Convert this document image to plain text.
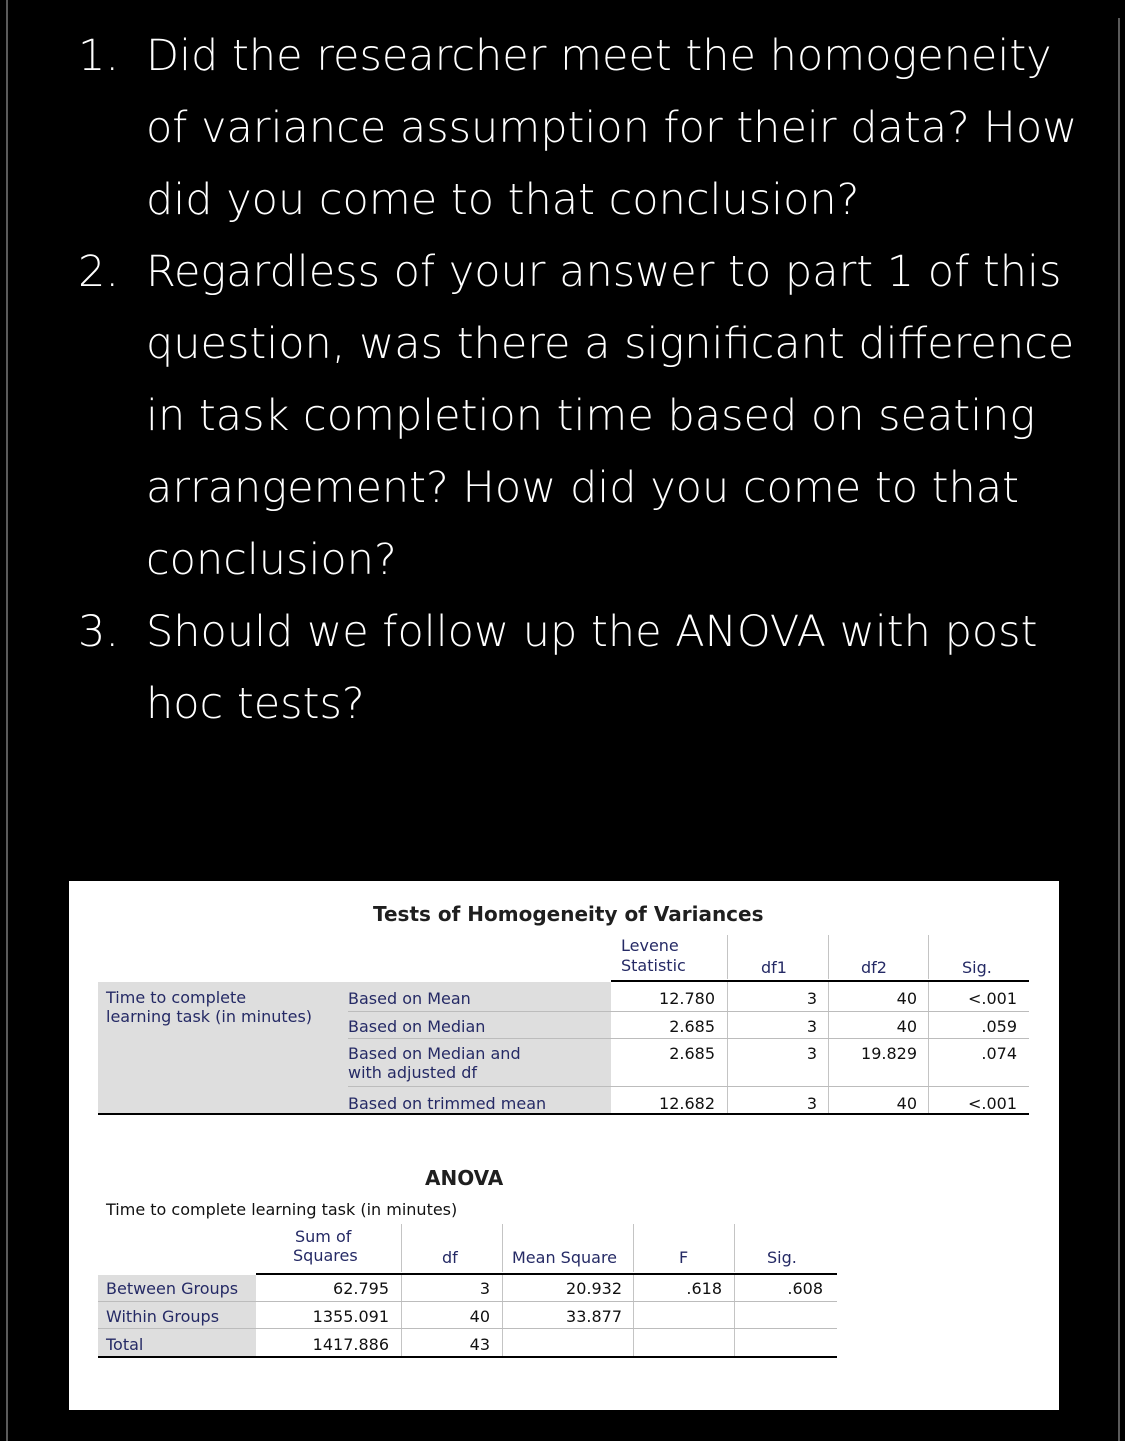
1. Did the researcher meet the homogeneity
of variance assumption for their data? How
did you come to that conclusion?
2. Regardless of your answer to part 1 of this
question, was there a significant difference
in task completion time based on seating
arrangement? How did you come to that
conclusion?
3. Should we follow up the ANOVA with post
hoc tests?
Tests of Homogeneity of Variances
Levene
Statistic	df1	df2	Sig.
Time to complete
learning task (in minutes)
Based on Mean	12.780	3	40	<.001
Based on Median	2.685	3	40	.059
Based on Median and
with adjusted df
2.685	3	19.829	.074
Based on trimmed mean	12.682	3	40	<.001
ANOVA
Time to complete learning task (in minutes)
Sum of
Squares	df	Mean Square	F	Sig.
Between Groups	62.795	3	20.932	.618	.608
Within Groups	1355.091	40	33.877
Total	1417.886	43
